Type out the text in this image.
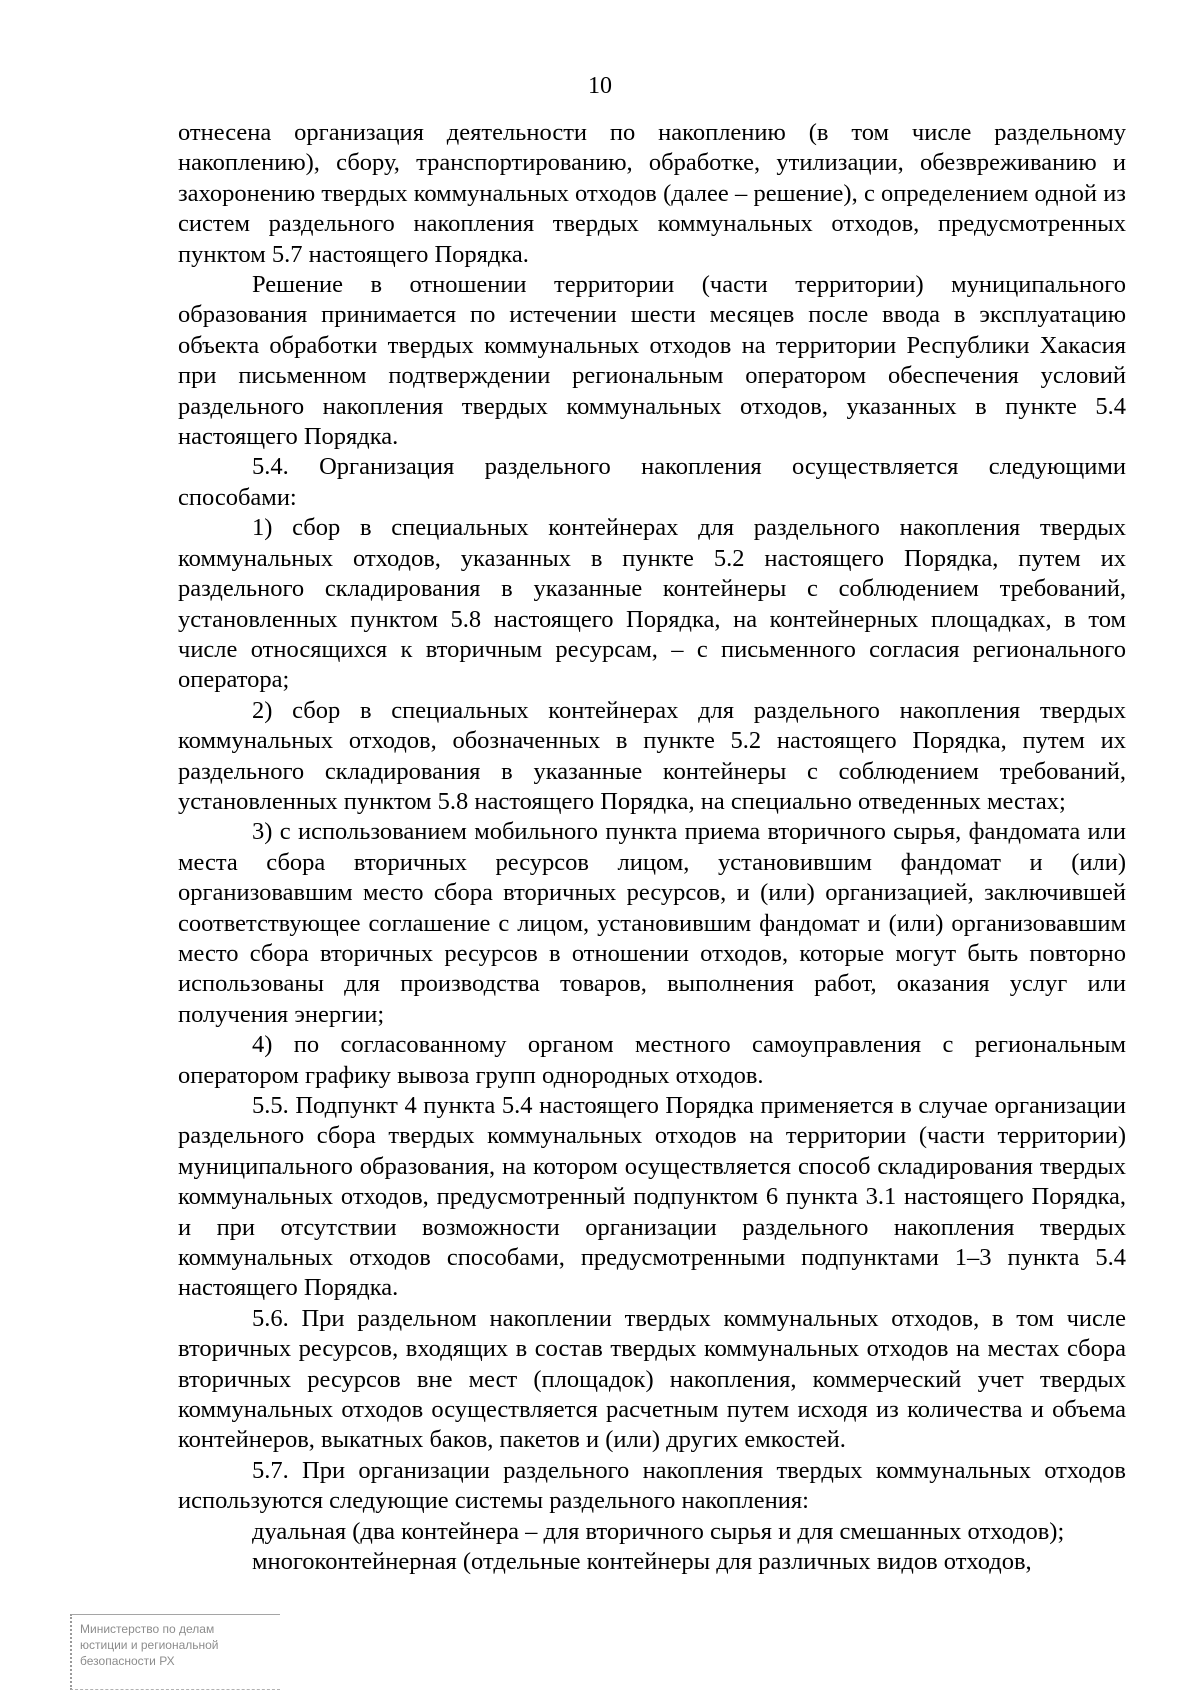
10

отнесена организация деятельности по накоплению (в том числе раздельному накоплению), сбору, транспортированию, обработке, утилизации, обезвреживанию и захоронению твердых коммунальных отходов (далее – решение), с определением одной из систем раздельного накопления твердых коммунальных отходов, предусмотренных пунктом 5.7 настоящего Порядка.

Решение в отношении территории (части территории) муниципального образования принимается по истечении шести месяцев после ввода в эксплуатацию объекта обработки твердых коммунальных отходов на территории Республики Хакасия при письменном подтверждении региональным оператором обеспечения условий раздельного накопления твердых коммунальных отходов, указанных в пункте 5.4 настоящего Порядка.

5.4. Организация раздельного накопления осуществляется следующими способами:

1) сбор в специальных контейнерах для раздельного накопления твердых коммунальных отходов, указанных в пункте 5.2 настоящего Порядка, путем их раздельного складирования в указанные контейнеры с соблюдением требований, установленных пунктом 5.8 настоящего Порядка, на контейнерных площадках, в том числе относящихся к вторичным ресурсам, – с письменного согласия регионального оператора;

2) сбор в специальных контейнерах для раздельного накопления твердых коммунальных отходов, обозначенных в пункте 5.2 настоящего Порядка, путем их раздельного складирования в указанные контейнеры с соблюдением требований, установленных пунктом 5.8 настоящего Порядка, на специально отведенных местах;

3) с использованием мобильного пункта приема вторичного сырья, фандомата или места сбора вторичных ресурсов лицом, установившим фандомат и (или) организовавшим место сбора вторичных ресурсов, и (или) организацией, заключившей соответствующее соглашение с лицом, установившим фандомат и (или) организовавшим место сбора вторичных ресурсов в отношении отходов, которые могут быть повторно использованы для производства товаров, выполнения работ, оказания услуг или получения энергии;

4) по согласованному органом местного самоуправления с региональным оператором графику вывоза групп однородных отходов.

5.5. Подпункт 4 пункта 5.4 настоящего Порядка применяется в случае организации раздельного сбора твердых коммунальных отходов на территории (части территории) муниципального образования, на котором осуществляется способ складирования твердых коммунальных отходов, предусмотренный подпунктом 6 пункта 3.1 настоящего Порядка, и при отсутствии возможности организации раздельного накопления твердых коммунальных отходов способами, предусмотренными подпунктами 1–3 пункта 5.4 настоящего Порядка.

5.6. При раздельном накоплении твердых коммунальных отходов, в том числе вторичных ресурсов, входящих в состав твердых коммунальных отходов на местах сбора вторичных ресурсов вне мест (площадок) накопления, коммерческий учет твердых коммунальных отходов осуществляется расчетным путем исходя из количества и объема контейнеров, выкатных баков, пакетов и (или) других емкостей.

5.7. При организации раздельного накопления твердых коммунальных отходов используются следующие системы раздельного накопления:

дуальная (два контейнера – для вторичного сырья и для смешанных отходов);

многоконтейнерная (отдельные контейнеры для различных видов отходов,

Министерство по делам
юстиции и региональной
безопасности РХ
